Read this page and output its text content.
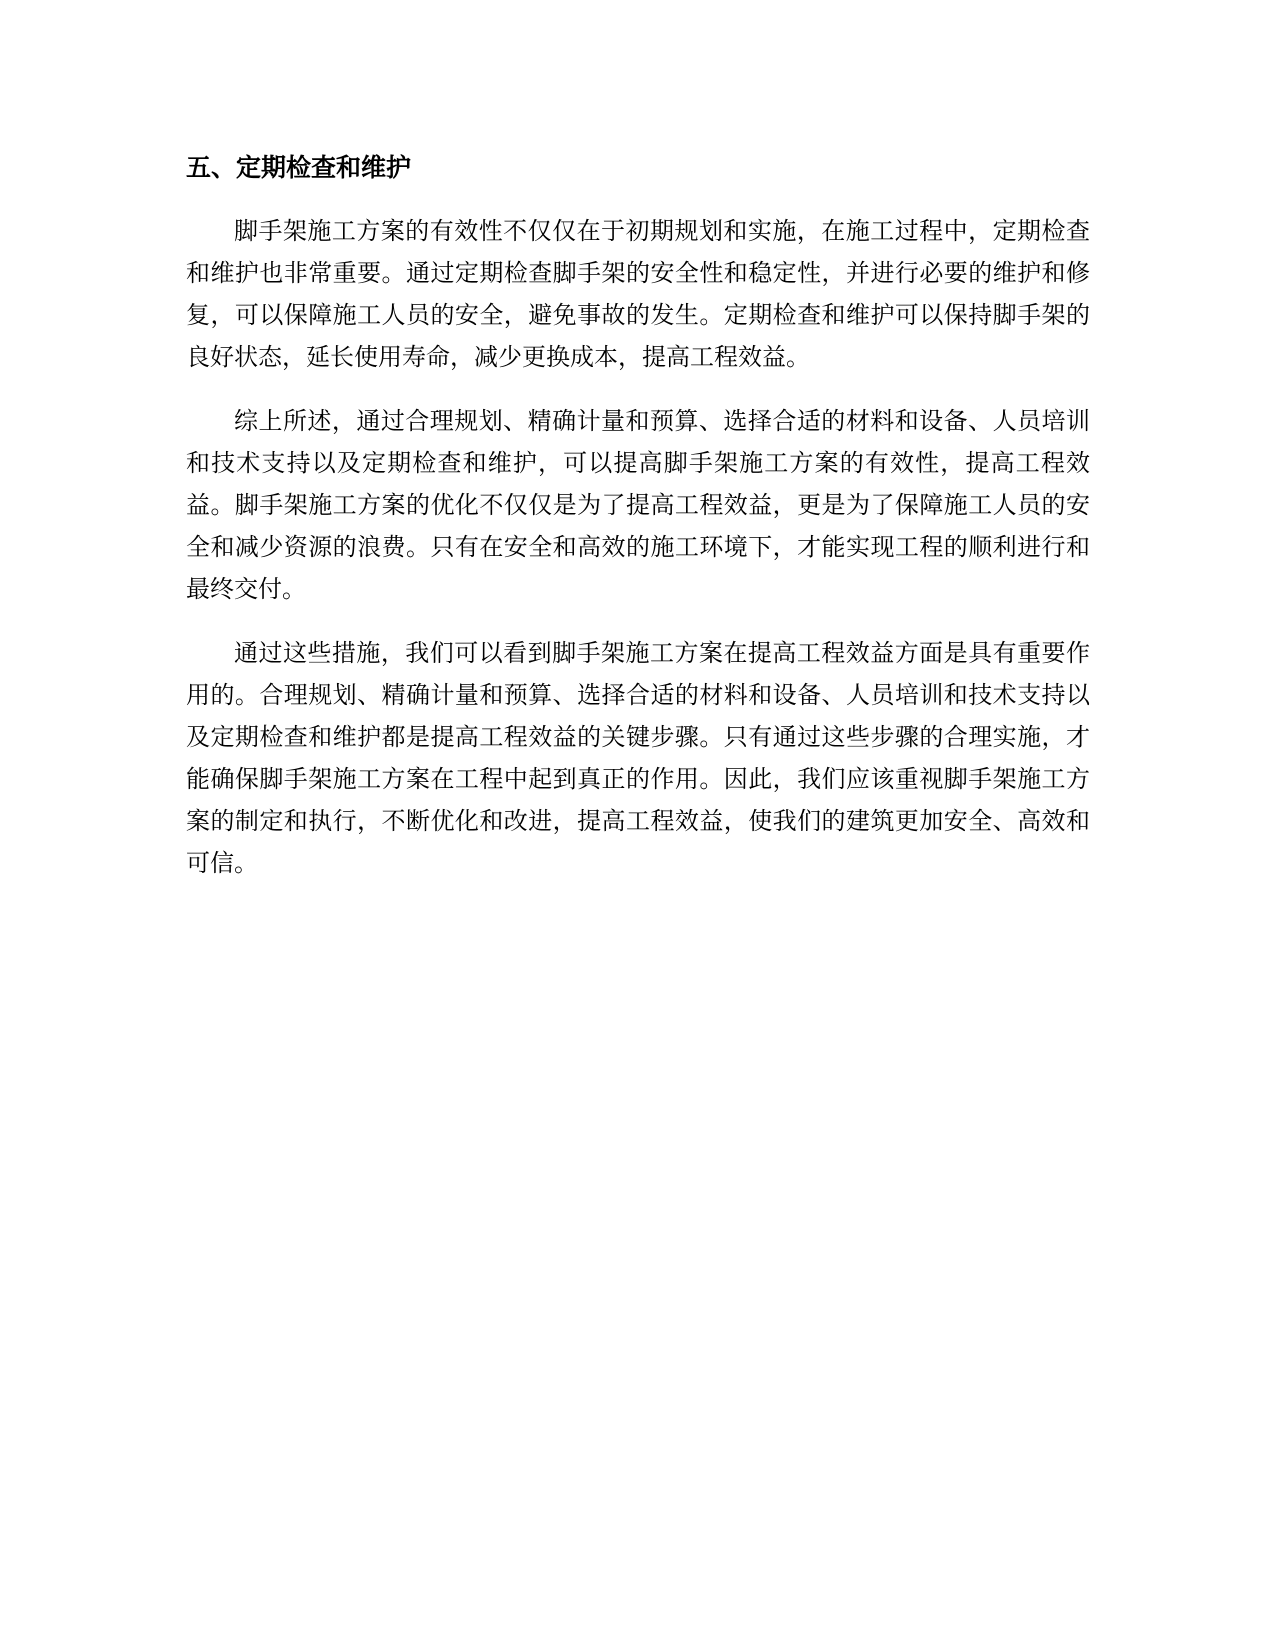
五、定期检查和维护

脚手架施工方案的有效性不仅仅在于初期规划和实施，在施工过程中，定期检查和维护也非常重要。通过定期检查脚手架的安全性和稳定性，并进行必要的维护和修复，可以保障施工人员的安全，避免事故的发生。定期检查和维护可以保持脚手架的良好状态，延长使用寿命，减少更换成本，提高工程效益。

综上所述，通过合理规划、精确计量和预算、选择合适的材料和设备、人员培训和技术支持以及定期检查和维护，可以提高脚手架施工方案的有效性，提高工程效益。脚手架施工方案的优化不仅仅是为了提高工程效益，更是为了保障施工人员的安全和减少资源的浪费。只有在安全和高效的施工环境下，才能实现工程的顺利进行和最终交付。

通过这些措施，我们可以看到脚手架施工方案在提高工程效益方面是具有重要作用的。合理规划、精确计量和预算、选择合适的材料和设备、人员培训和技术支持以及定期检查和维护都是提高工程效益的关键步骤。只有通过这些步骤的合理实施，才能确保脚手架施工方案在工程中起到真正的作用。因此，我们应该重视脚手架施工方案的制定和执行，不断优化和改进，提高工程效益，使我们的建筑更加安全、高效和可信。
